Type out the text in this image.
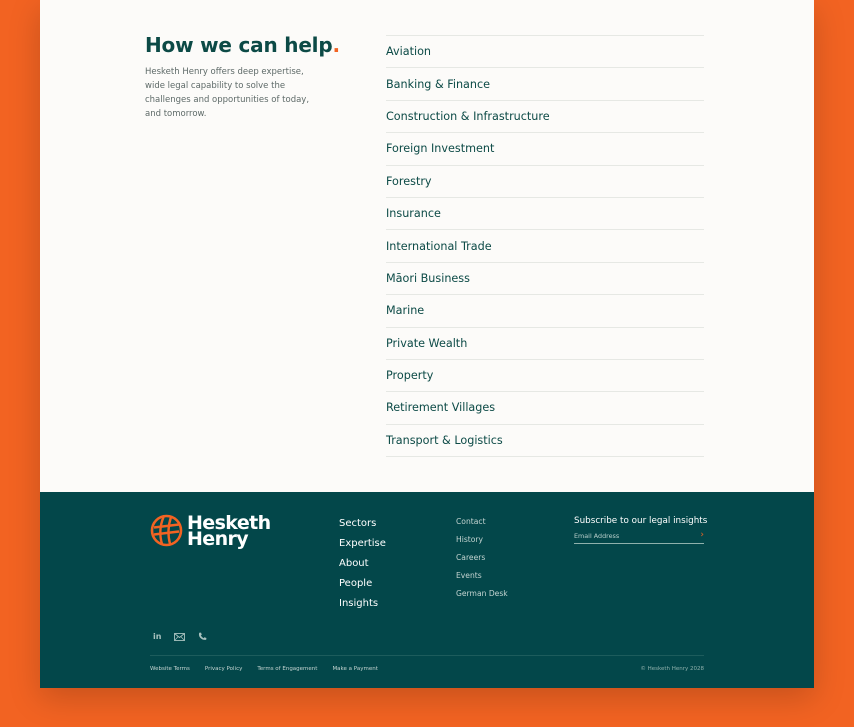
How we can help.

Hesketh Henry offers deep expertise, wide legal capability to solve the challenges and opportunities of today, and tomorrow.

Aviation
Banking & Finance
Construction & Infrastructure
Foreign Investment
Forestry
Insurance
International Trade
Māori Business
Marine
Private Wealth
Property
Retirement Villages
Transport & Logistics
Hesketh
Henry
Sectors
Expertise
About
People
Insights
Contact
History
Careers
Events
German Desk
Subscribe to our legal insights
Email Address
›
in
Website Terms	Privacy Policy	Terms of Engagement	Make a Payment	© Hesketh Henry 2028
